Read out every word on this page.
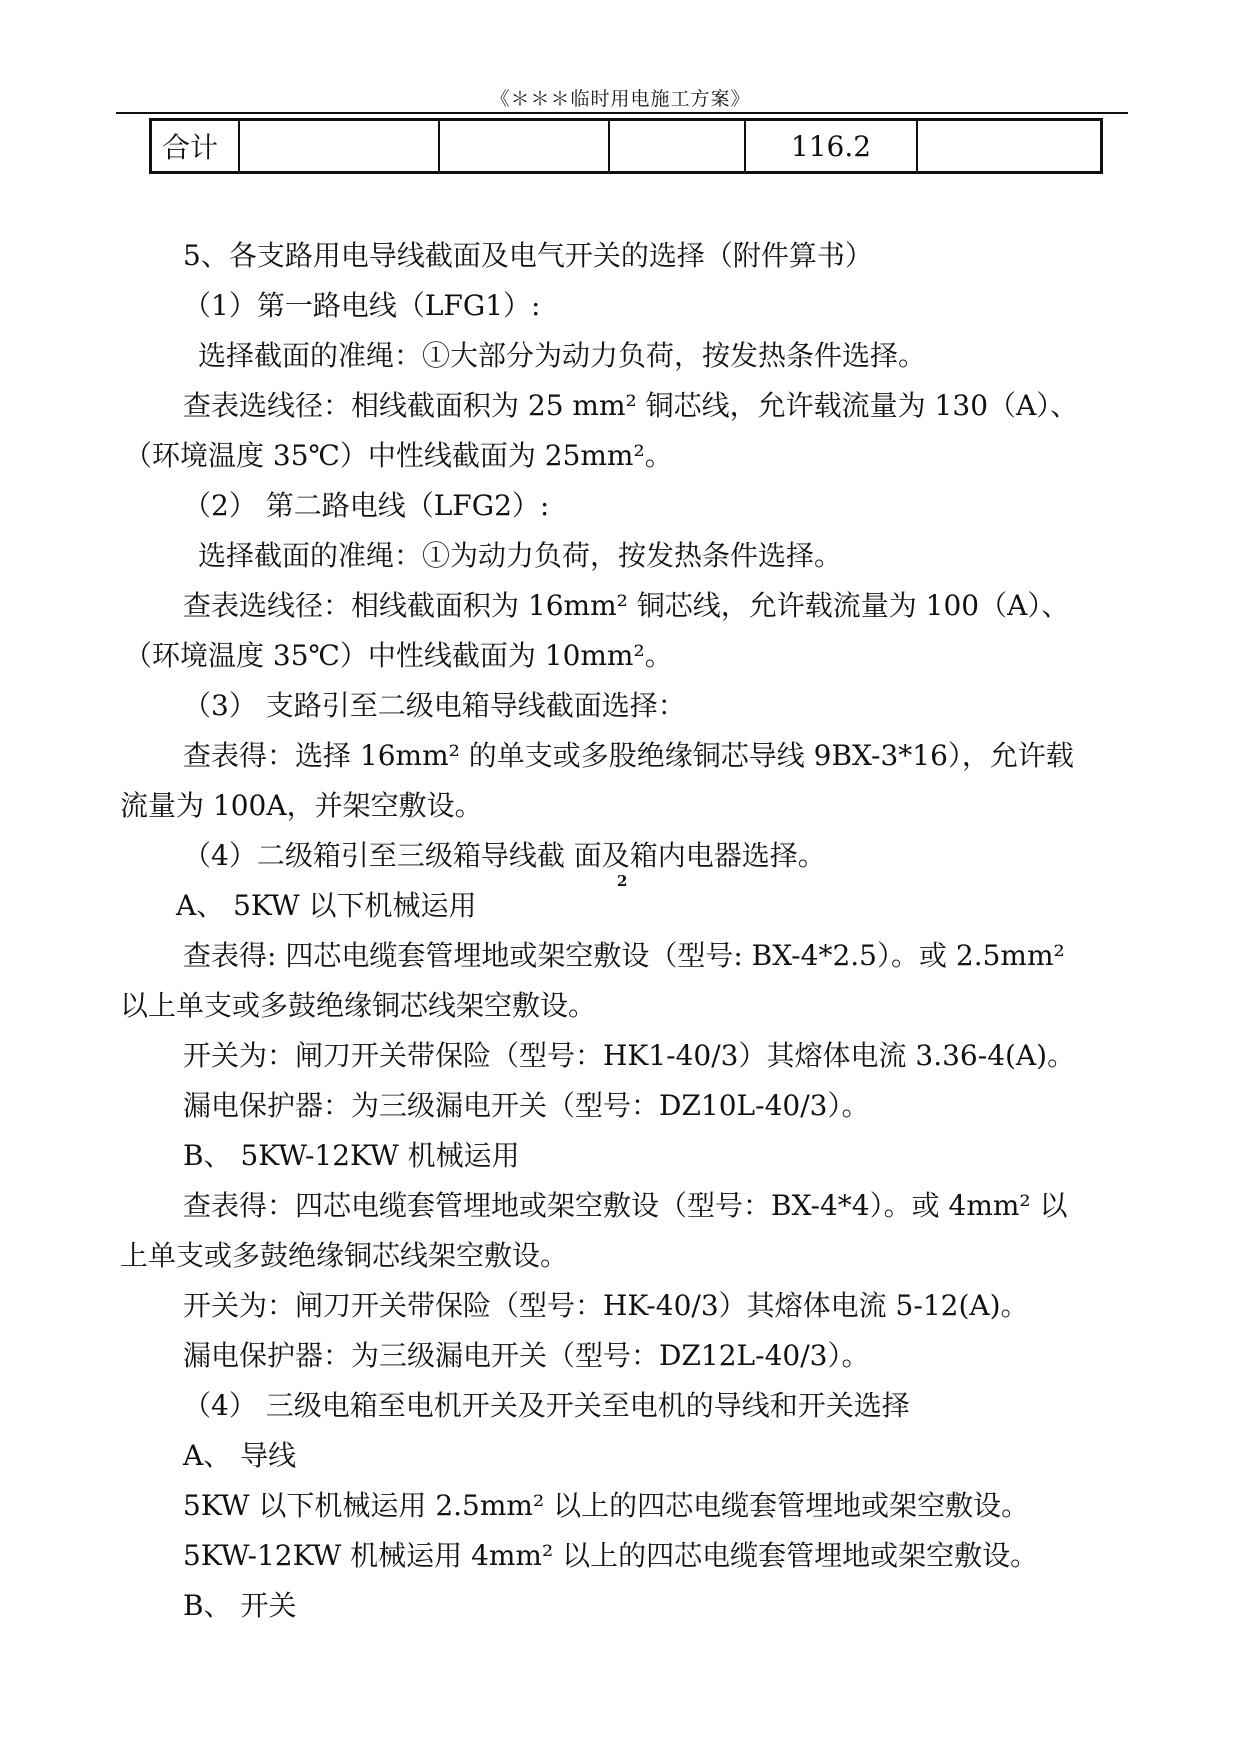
《＊＊＊临时用电施工方案》
合计				116.2	
5、各支路用电导线截面及电气开关的选择（附件算书）
（1）第一路电线（LFG1）:
选择截面的准绳：①大部分为动力负荷，按发热条件选择。
查表选线径：相线截面积为 25 mm² 铜芯线，允许载流量为 130（A）、
（环境温度 35℃）中性线截面为 25mm²。
（2） 第二路电线（LFG2）:
选择截面的准绳：①为动力负荷，按发热条件选择。
查表选线径：相线截面积为 16mm² 铜芯线，允许载流量为 100（A）、
（环境温度 35℃）中性线截面为 10mm²。
（3） 支路引至二级电箱导线截面选择：
查表得：选择 16mm² 的单支或多股绝缘铜芯导线 9BX-3*16），允许载
流量为 100A，并架空敷设。
（4）二级箱引至三级箱导线截 面及箱内电器选择。
2
A、 5KW 以下机械运用
查表得: 四芯电缆套管埋地或架空敷设（型号: BX-4*2.5）。或 2.5mm²
以上单支或多鼓绝缘铜芯线架空敷设。
开关为：闸刀开关带保险（型号：HK1-40/3）其熔体电流 3.36-4(A)。
漏电保护器：为三级漏电开关（型号：DZ10L-40/3）。
B、 5KW-12KW 机械运用
查表得：四芯电缆套管埋地或架空敷设（型号：BX-4*4）。或 4mm² 以
上单支或多鼓绝缘铜芯线架空敷设。
开关为：闸刀开关带保险（型号：HK-40/3）其熔体电流 5-12(A)。
漏电保护器：为三级漏电开关（型号：DZ12L-40/3）。
（4） 三级电箱至电机开关及开关至电机的导线和开关选择
A、 导线
5KW 以下机械运用 2.5mm² 以上的四芯电缆套管埋地或架空敷设。
5KW-12KW 机械运用 4mm² 以上的四芯电缆套管埋地或架空敷设。
B、 开关
